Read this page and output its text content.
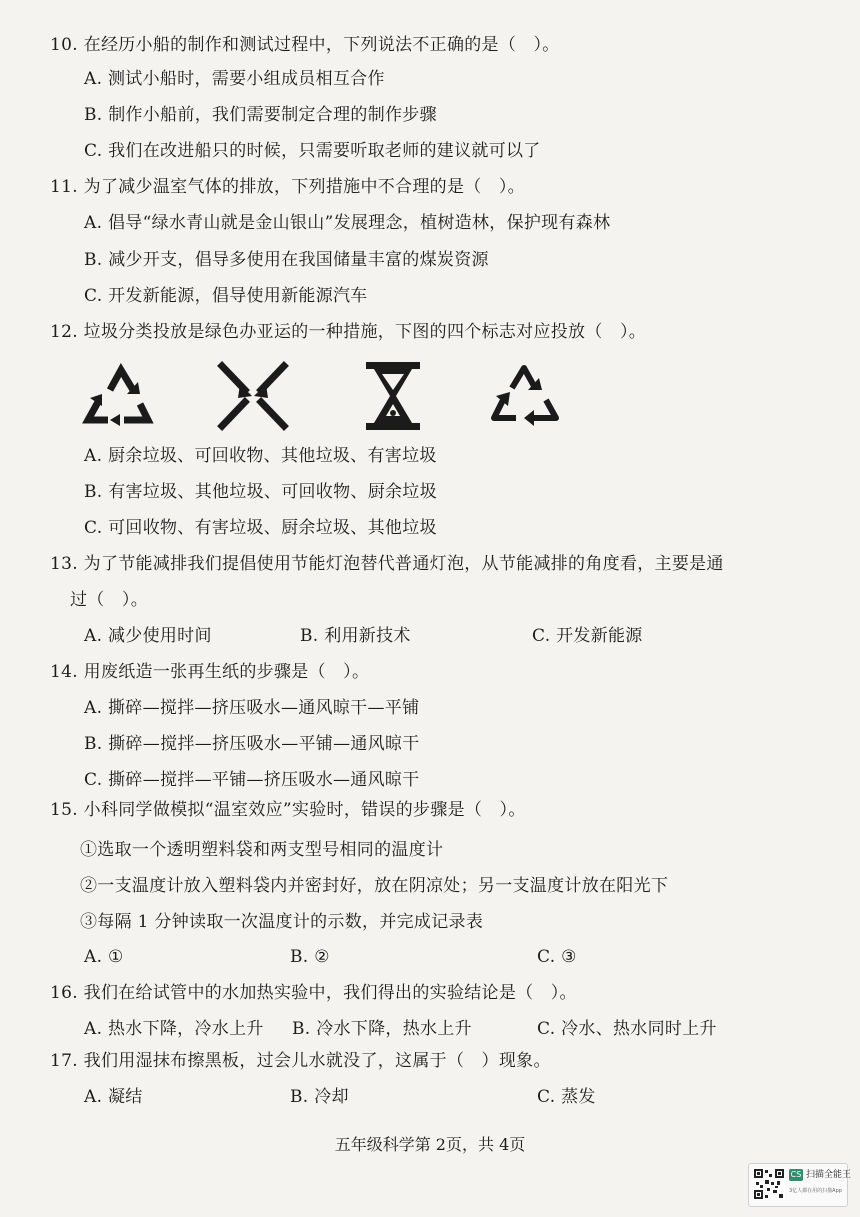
10. 在经历小船的制作和测试过程中，下列说法不正确的是（　）。
A. 测试小船时，需要小组成员相互合作
B. 制作小船前，我们需要制定合理的制作步骤
C. 我们在改进船只的时候，只需要听取老师的建议就可以了
11. 为了减少温室气体的排放，下列措施中不合理的是（　）。
A. 倡导“绿水青山就是金山银山”发展理念，植树造林，保护现有森林
B. 减少开支，倡导多使用在我国储量丰富的煤炭资源
C. 开发新能源，倡导使用新能源汽车
12. 垃圾分类投放是绿色办亚运的一种措施，下图的四个标志对应投放（　）。
A. 厨余垃圾、可回收物、其他垃圾、有害垃圾
B. 有害垃圾、其他垃圾、可回收物、厨余垃圾
C. 可回收物、有害垃圾、厨余垃圾、其他垃圾
13. 为了节能减排我们提倡使用节能灯泡替代普通灯泡，从节能减排的角度看，主要是通
过（　）。
A. 减少使用时间	B. 利用新技术	C. 开发新能源
14. 用废纸造一张再生纸的步骤是（　）。
A. 撕碎—搅拌—挤压吸水—通风晾干—平铺
B. 撕碎—搅拌—挤压吸水—平铺—通风晾干
C. 撕碎—搅拌—平铺—挤压吸水—通风晾干
15. 小科同学做模拟“温室效应”实验时，错误的步骤是（　）。
①选取一个透明塑料袋和两支型号相同的温度计
②一支温度计放入塑料袋内并密封好，放在阴凉处；另一支温度计放在阳光下
③每隔 1 分钟读取一次温度计的示数，并完成记录表
A. ①	B. ②	C. ③
16. 我们在给试管中的水加热实验中，我们得出的实验结论是（　）。
A. 热水下降，冷水上升 B. 冷水下降，热水上升	C. 冷水、热水同时上升
17. 我们用湿抹布擦黑板，过会儿水就没了，这属于（　）现象。
A. 凝结	B. 冷却	C. 蒸发
五年级科学第 2页，共 4页
CS 扫描全能王
3亿人都在用的扫描App
